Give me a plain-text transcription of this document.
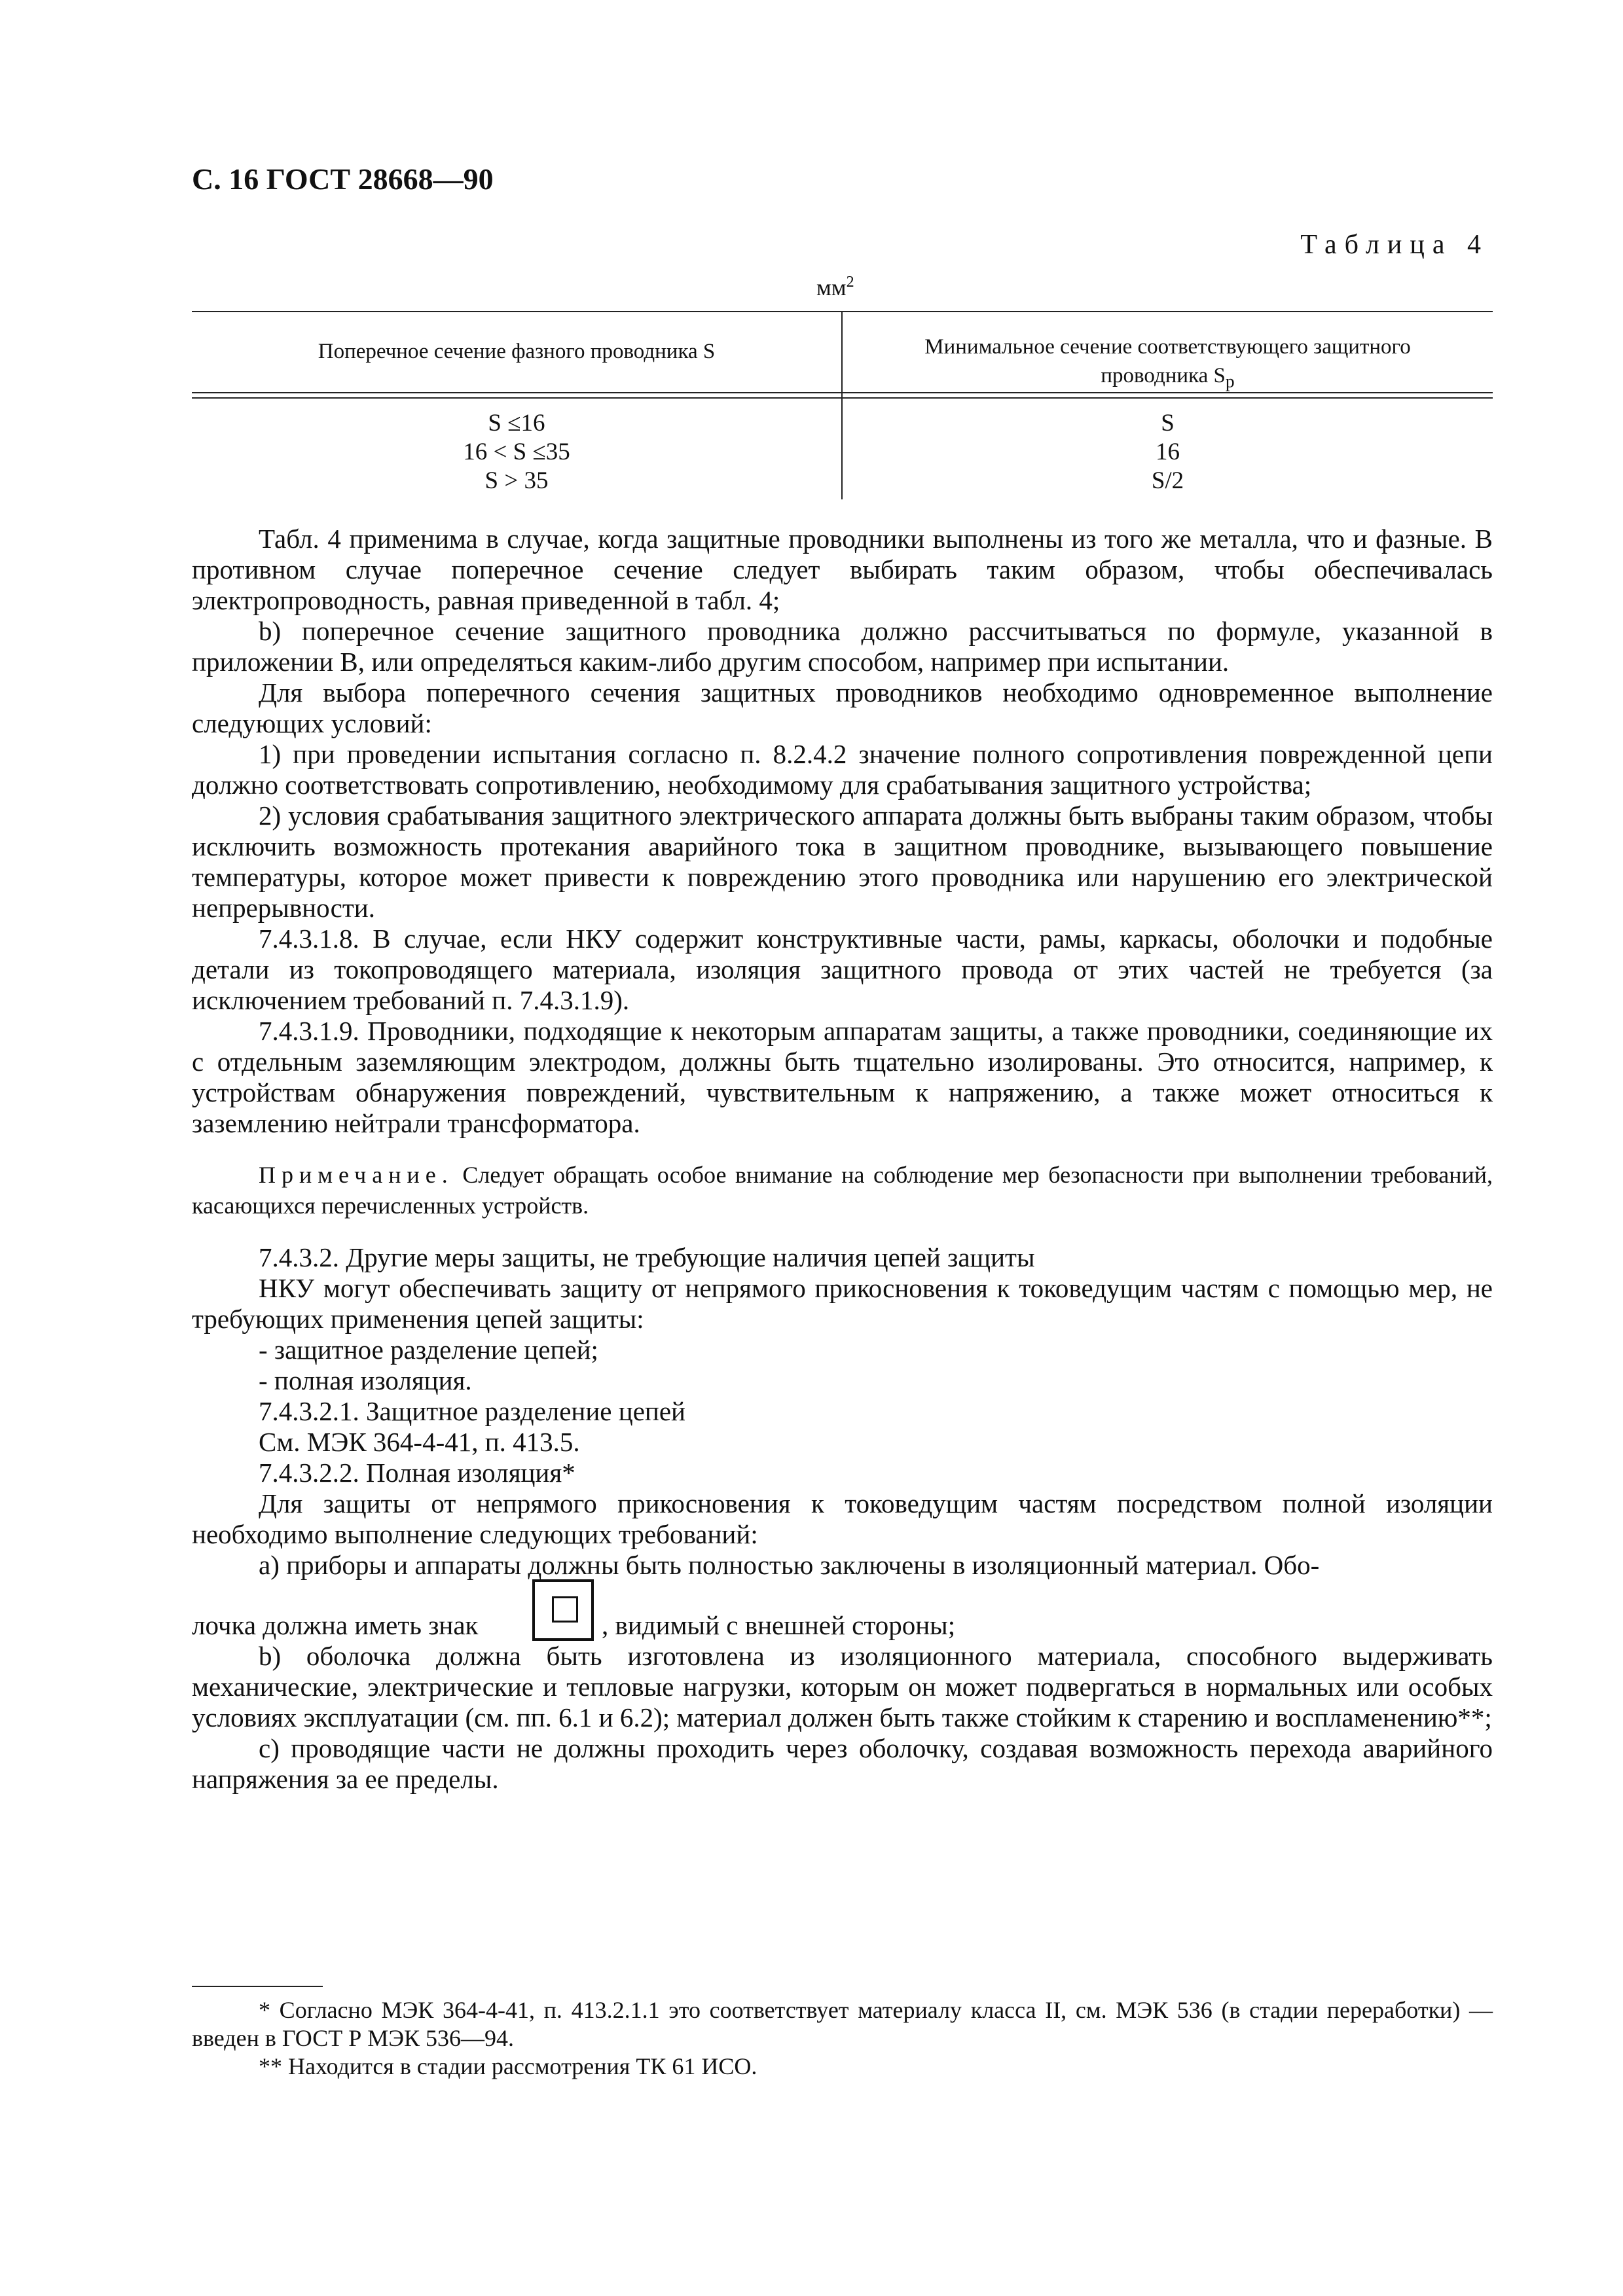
С. 16 ГОСТ 28668—90
Таблица 4
$мм^2$
Поперечное сечение фазного проводника S	Минимальное сечение соответствующего защитного
проводника $S_p$
S ≤16
16 < S ≤35
S > 35
S
16
S/2

Табл. 4 применима в случае, когда защитные проводники выполнены из того же металла, что и фазные. В противном случае поперечное сечение следует выбирать таким образом, чтобы обеспечивалась электропроводность, равная приведенной в табл. 4;

b) поперечное сечение защитного проводника должно рассчитываться по формуле, указанной в приложении В, или определяться каким-либо другим способом, например при испытании.

Для выбора поперечного сечения защитных проводников необходимо одновременное выполнение следующих условий:

1) при проведении испытания согласно п. 8.2.4.2 значение полного сопротивления поврежденной цепи должно соответствовать сопротивлению, необходимому для срабатывания защитного устройства;

2) условия срабатывания защитного электрического аппарата должны быть выбраны таким образом, чтобы исключить возможность протекания аварийного тока в защитном проводнике, вызывающего повышение температуры, которое может привести к повреждению этого проводника или нарушению его электрической непрерывности.

7.4.3.1.8. В случае, если НКУ содержит конструктивные части, рамы, каркасы, оболочки и подобные детали из токопроводящего материала, изоляция защитного провода от этих частей не требуется (за исключением требований п. 7.4.3.1.9).

7.4.3.1.9. Проводники, подходящие к некоторым аппаратам защиты, а также проводники, соединяющие их с отдельным заземляющим электродом, должны быть тщательно изолированы. Это относится, например, к устройствам обнаружения повреждений, чувствительным к напряжению, а также может относиться к заземлению нейтрали трансформатора.

Примечание. Следует обращать особое внимание на соблюдение мер безопасности при выполнении требований, касающихся перечисленных устройств.

7.4.3.2. Другие меры защиты, не требующие наличия цепей защиты

НКУ могут обеспечивать защиту от непрямого прикосновения к токоведущим частям с помощью мер, не требующих применения цепей защиты:

- защитное разделение цепей;

- полная изоляция.

7.4.3.2.1. Защитное разделение цепей

См. МЭК 364-4-41, п. 413.5.

7.4.3.2.2. Полная изоляция*

Для защиты от непрямого прикосновения к токоведущим частям посредством полной изоляции необходимо выполнение следующих требований:

a) приборы и аппараты должны быть полностью заключены в изоляционный материал. Обо-

лочка должна иметь знак	, видимый с внешней стороны;

b) оболочка должна быть изготовлена из изоляционного материала, способного выдерживать механические, электрические и тепловые нагрузки, которым он может подвергаться в нормальных или особых условиях эксплуатации (см. пп. 6.1 и 6.2); материал должен быть также стойким к старению и воспламенению**;

c) проводящие части не должны проходить через оболочку, создавая возможность перехода аварийного напряжения за ее пределы.

* Согласно МЭК 364-4-41, п. 413.2.1.1 это соответствует материалу класса II, см. МЭК 536 (в стадии переработки) — введен в ГОСТ Р МЭК 536—94.

** Находится в стадии рассмотрения ТК 61 ИСО.
